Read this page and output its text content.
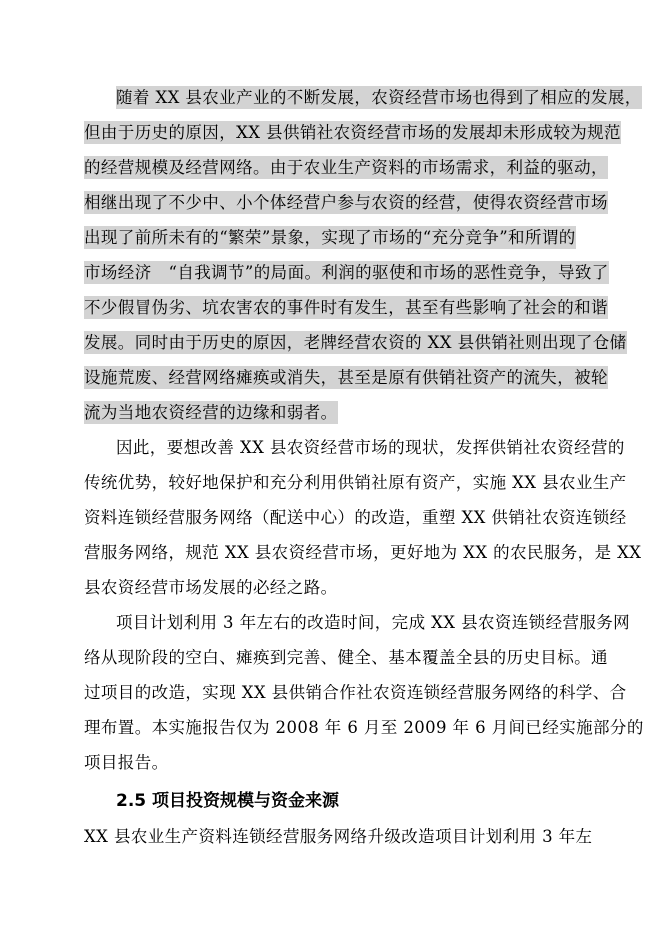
随着 XX 县农业产业的不断发展，农资经营市场也得到了相应的发展，
但由于历史的原因，XX 县供销社农资经营市场的发展却未形成较为规范
的经营规模及经营网络。由于农业生产资料的市场需求，利益的驱动，
相继出现了不少中、小个体经营户参与农资的经营，使得农资经营市场
出现了前所未有的“繁荣”景象，实现了市场的“充分竞争”和所谓的
市场经济　“自我调节”的局面。利润的驱使和市场的恶性竞争，导致了
不少假冒伪劣、坑农害农的事件时有发生，甚至有些影响了社会的和谐
发展。同时由于历史的原因，老牌经营农资的 XX 县供销社则出现了仓储
设施荒废、经营网络瘫痪或消失，甚至是原有供销社资产的流失，被轮
流为当地农资经营的边缘和弱者。
因此，要想改善 XX 县农资经营市场的现状，发挥供销社农资经营的
传统优势，较好地保护和充分利用供销社原有资产，实施 XX 县农业生产
资料连锁经营服务网络（配送中心）的改造，重塑 XX 供销社农资连锁经
营服务网络，规范 XX 县农资经营市场，更好地为 XX 的农民服务，是 XX
县农资经营市场发展的必经之路。
项目计划利用 3 年左右的改造时间，完成 XX 县农资连锁经营服务网
络从现阶段的空白、瘫痪到完善、健全、基本覆盖全县的历史目标。通
过项目的改造，实现 XX 县供销合作社农资连锁经营服务网络的科学、合
理布置。本实施报告仅为 2008 年 6 月至 2009 年 6 月间已经实施部分的
项目报告。
2.5 项目投资规模与资金来源
XX 县农业生产资料连锁经营服务网络升级改造项目计划利用 3 年左
